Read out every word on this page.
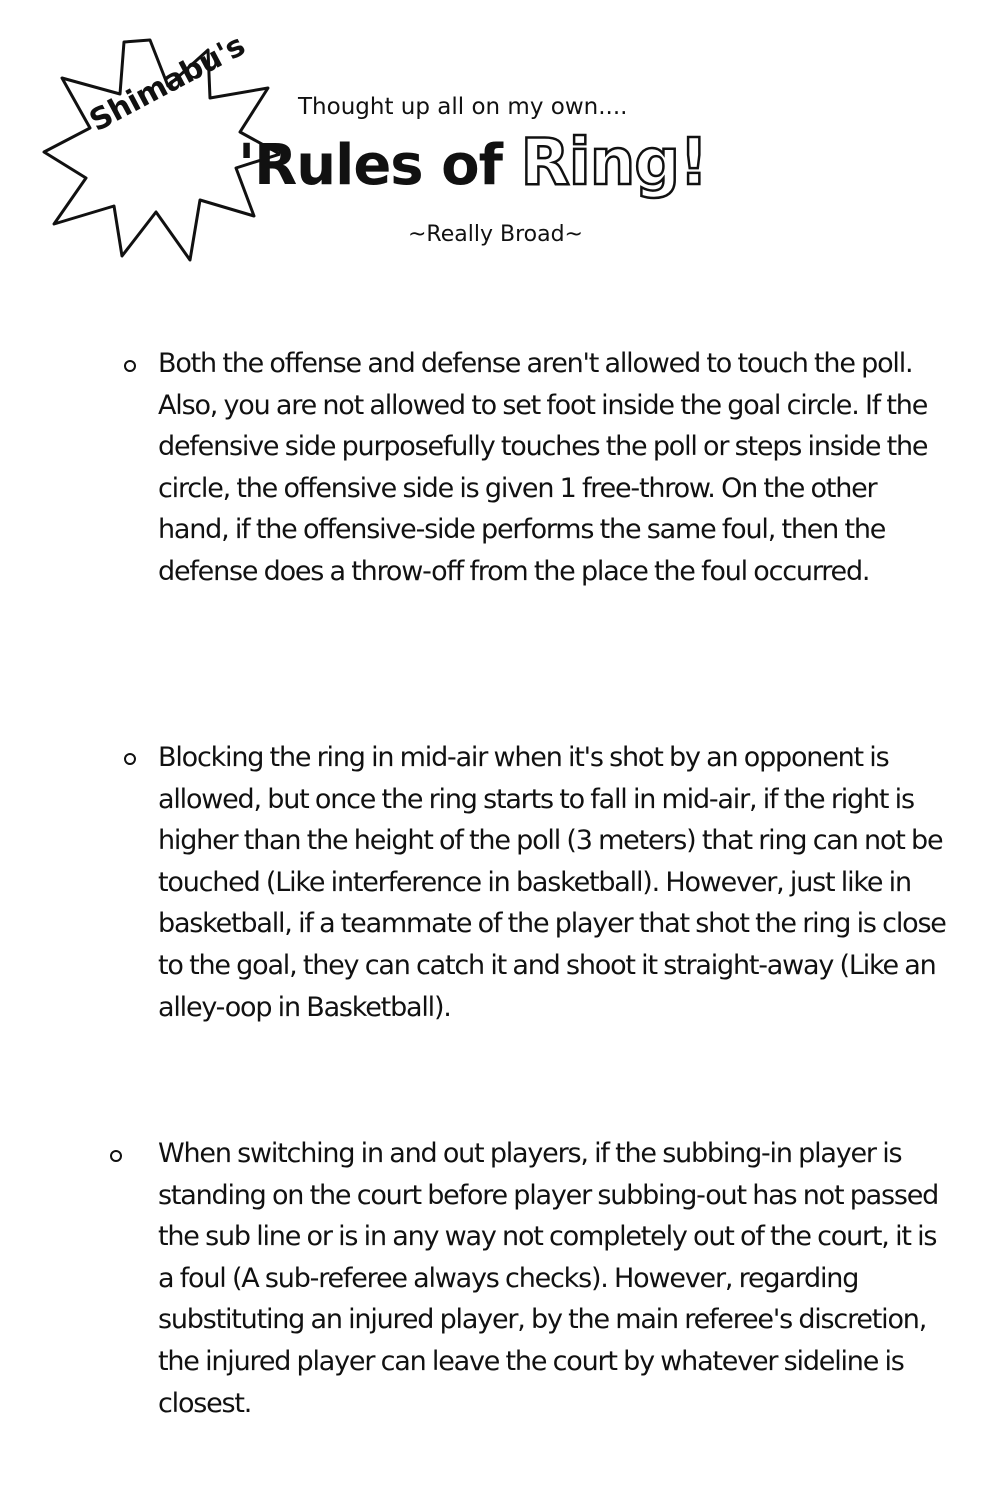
Shimabu's Thought up all on my own....
'Rules of Ring!
~Really Broad~
Both the offense and defense aren't allowed to touch the poll. Also, you are not allowed to set foot inside the goal circle. If the defensive side purposefully touches the poll or steps inside the circle, the offensive side is given 1 free-throw. On the other hand, if the offensive-side performs the same foul, then the defense does a throw-off from the place the foul occurred.
Blocking the ring in mid-air when it's shot by an opponent is allowed, but once the ring starts to fall in mid-air, if the right is higher than the height of the poll (3 meters) that ring can not be touched (Like interference in basketball). However, just like in basketball, if a teammate of the player that shot the ring is close to the goal, they can catch it and shoot it straight-away (Like an alley-oop in Basketball).
When switching in and out players, if the subbing-in player is standing on the court before player subbing-out has not passed the sub line or is in any way not completely out of the court, it is a foul (A sub-referee always checks). However, regarding substituting an injured player, by the main referee's discretion, the injured player can leave the court by whatever sideline is closest.
